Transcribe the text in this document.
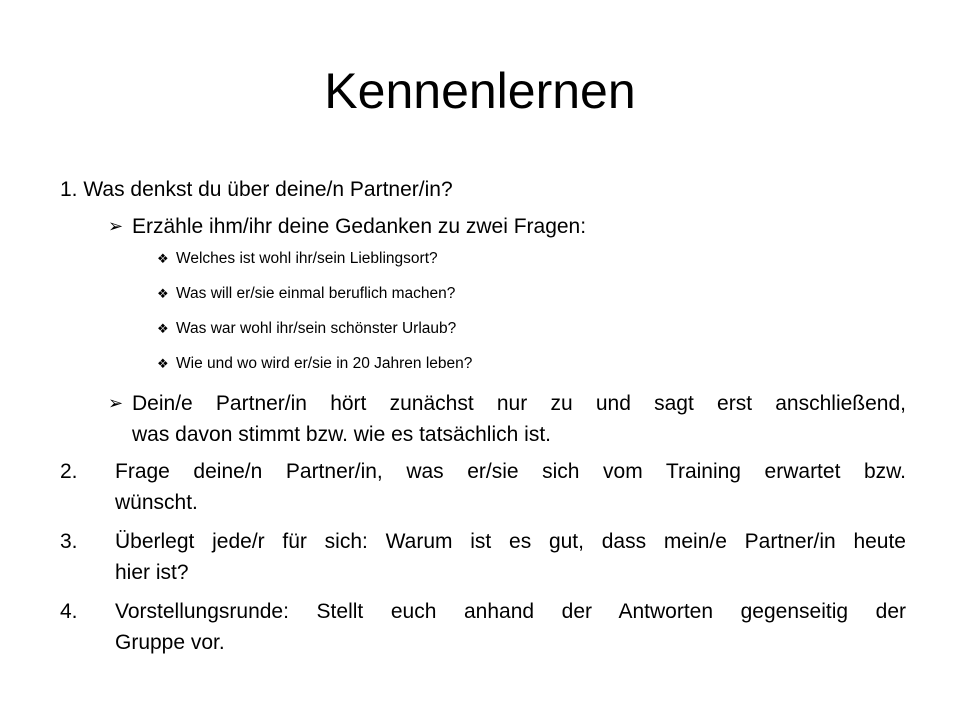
Kennenlernen

1. Was denkst du über deine/n Partner/in?

➢ Erzähle ihm/ihr deine Gedanken zu zwei Fragen:

❖ Welches ist wohl ihr/sein Lieblingsort?

❖ Was will er/sie einmal beruflich machen?

❖ Was war wohl ihr/sein schönster Urlaub?

❖ Wie und wo wird er/sie in 20 Jahren leben?

➢ Dein/e Partner/in hört zunächst nur zu und sagt erst anschließend,
was davon stimmt bzw. wie es tatsächlich ist.

2. Frage deine/n Partner/in, was er/sie sich vom Training erwartet bzw.
wünscht.

3. Überlegt jede/r für sich: Warum ist es gut, dass mein/e Partner/in heute
hier ist?

4. Vorstellungsrunde: Stellt euch anhand der Antworten gegenseitig der
Gruppe vor.
